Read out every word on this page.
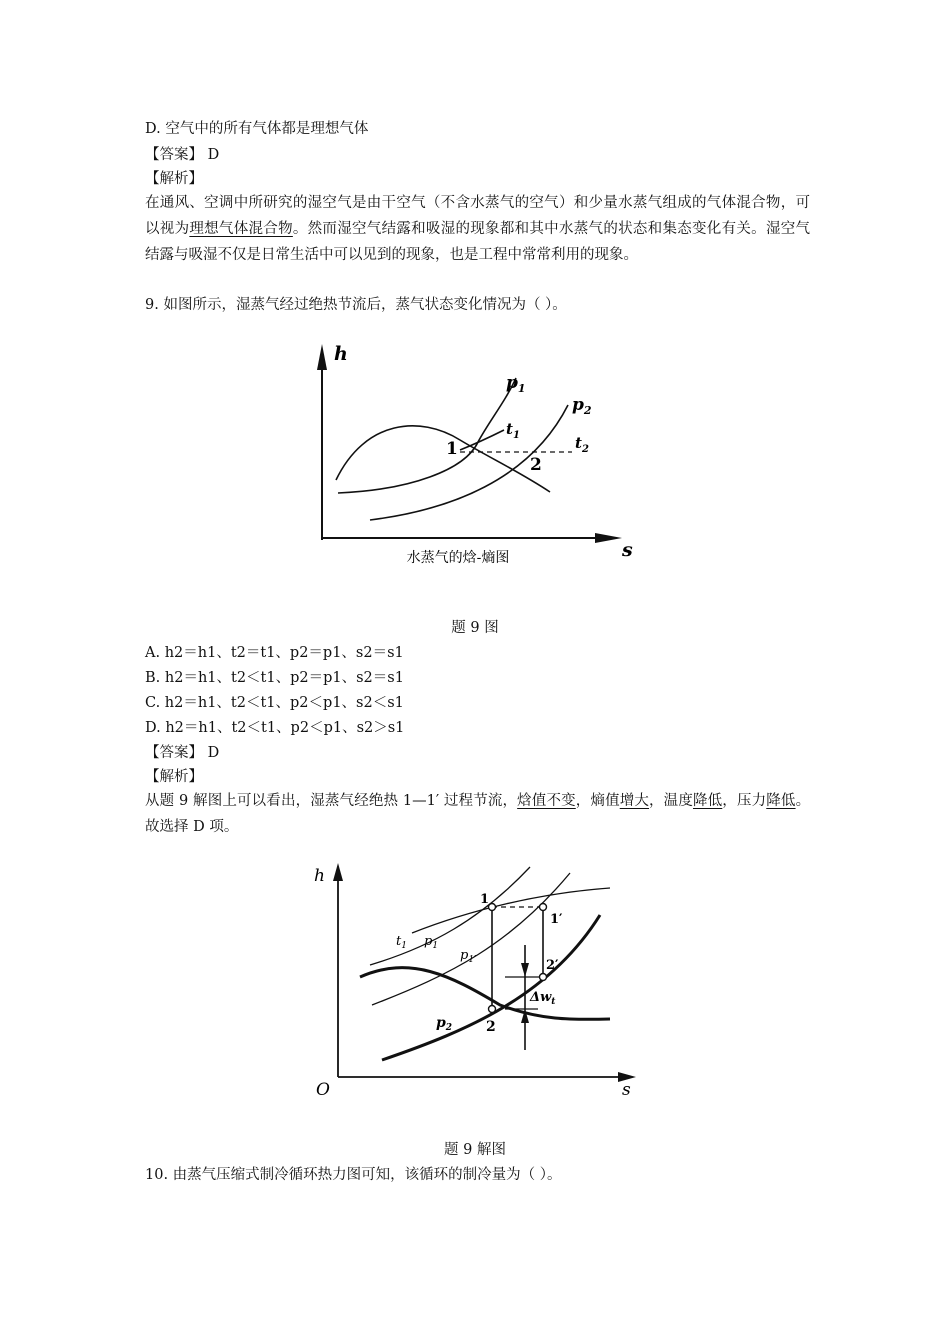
D. 空气中的所有气体都是理想气体
【答案】 D
【解析】
在通风、空调中所研究的湿空气是由干空气（不含水蒸气的空气）和少量水蒸气组成的气体混合物，可以视为理想气体混合物。然而湿空气结露和吸湿的现象都和其中水蒸气的状态和集态变化有关。湿空气结露与吸湿不仅是日常生活中可以见到的现象，也是工程中常常利用的现象。
9. 如图所示，湿蒸气经过绝热节流后，蒸气状态变化情况为（ ）。
h
s
$p_1$
$p_2$
$t_1$	$t_2$
1
2
水蒸气的焓-熵图
题 9 图
A. h2＝h1、t2＝t1、p2＝p1、s2＝s1
B. h2＝h1、t2＜t1、p2＝p1、s2＝s1
C. h2＝h1、t2＜t1、p2＜p1、s2＜s1
D. h2＝h1、t2＜t1、p2＜p1、s2＞s1
【答案】 D
【解析】
从题 9 解图上可以看出，湿蒸气经绝热 1—1′ 过程节流，焓值不变，熵值增大，温度降低，压力降低。故选择 D 项。
h
s
O
1
1′
2
2′
$t_1$ $p_1$
$p_{1'}$
$p_2$
$\Delta w_t$
题 9 解图
10. 由蒸气压缩式制冷循环热力图可知，该循环的制冷量为（ ）。
